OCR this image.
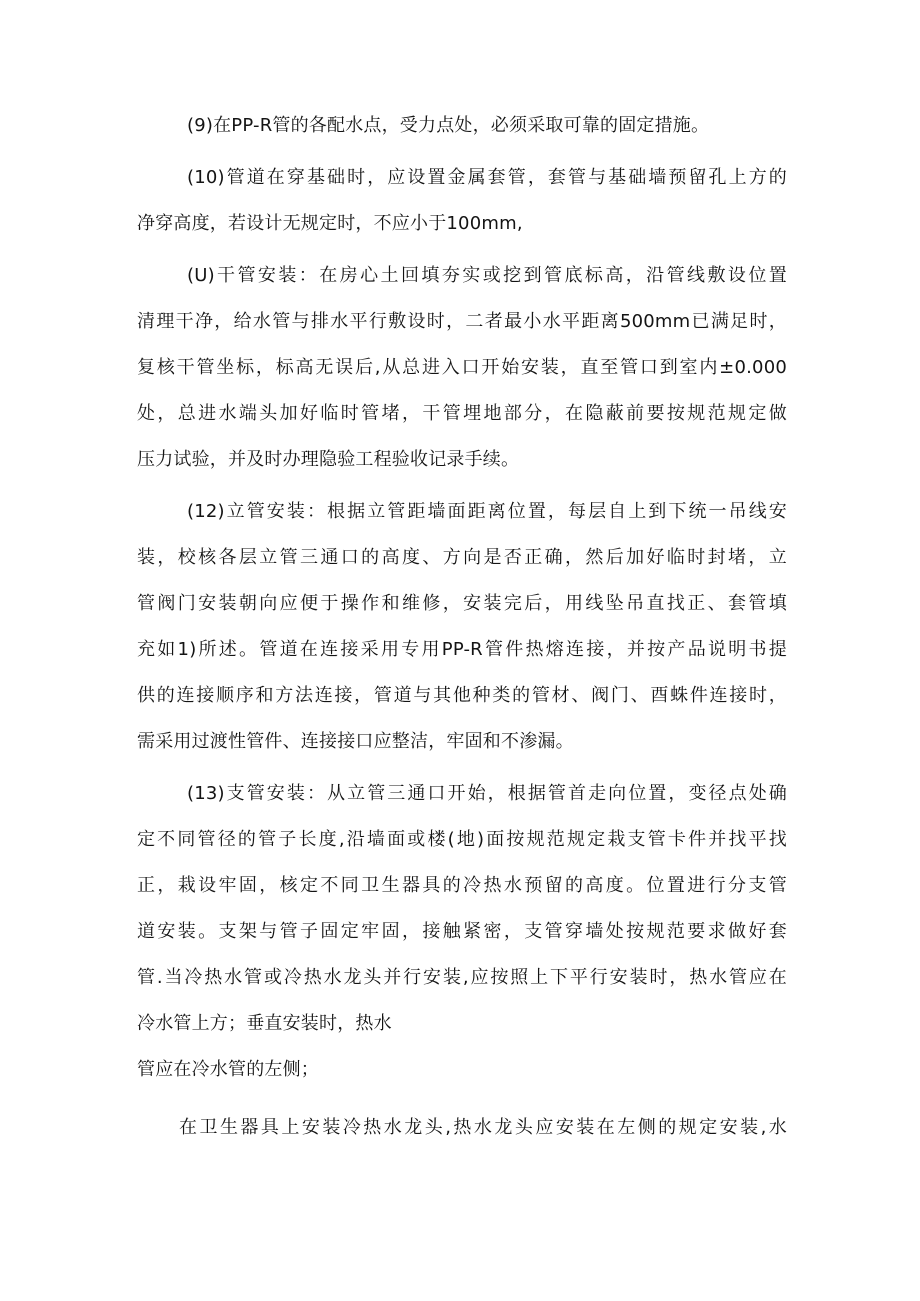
(9)在PP-R管的各配水点，受力点处，必须采取可靠的固定措施。
(10)管道在穿基础时，应设置金属套管，套管与基础墙预留孔上方的
净穿高度，若设计无规定时，不应小于100mm,
(U)干管安装：在房心土回填夯实或挖到管底标高，沿管线敷设位置
清理干净，给水管与排水平行敷设时，二者最小水平距离500mm已满足时，
复核干管坐标，标高无误后,从总进入口开始安装，直至管口到室内±0.000
处，总进水端头加好临时管堵，干管埋地部分，在隐蔽前要按规范规定做
压力试验，并及时办理隐验工程验收记录手续。
(12)立管安装：根据立管距墙面距离位置，每层自上到下统一吊线安
装，校核各层立管三通口的高度、方向是否正确，然后加好临时封堵，立
管阀门安装朝向应便于操作和维修，安装完后，用线坠吊直找正、套管填
充如1)所述。管道在连接采用专用PP-R管件热熔连接，并按产品说明书提
供的连接顺序和方法连接，管道与其他种类的管材、阀门、酉蛛件连接时，
需采用过渡性管件、连接接口应整洁，牢固和不渗漏。
(13)支管安装：从立管三通口开始，根据管首走向位置，变径点处确
定不同管径的管子长度,沿墙面或楼(地)面按规范规定栽支管卡件并找平找
正，栽设牢固，核定不同卫生器具的冷热水预留的高度。位置进行分支管
道安装。支架与管子固定牢固，接触紧密，支管穿墙处按规范要求做好套
管.当冷热水管或冷热水龙头并行安装,应按照上下平行安装时，热水管应在
冷水管上方；垂直安装时，热水
管应在冷水管的左侧；
在卫生器具上安装冷热水龙头,热水龙头应安装在左侧的规定安装,水
